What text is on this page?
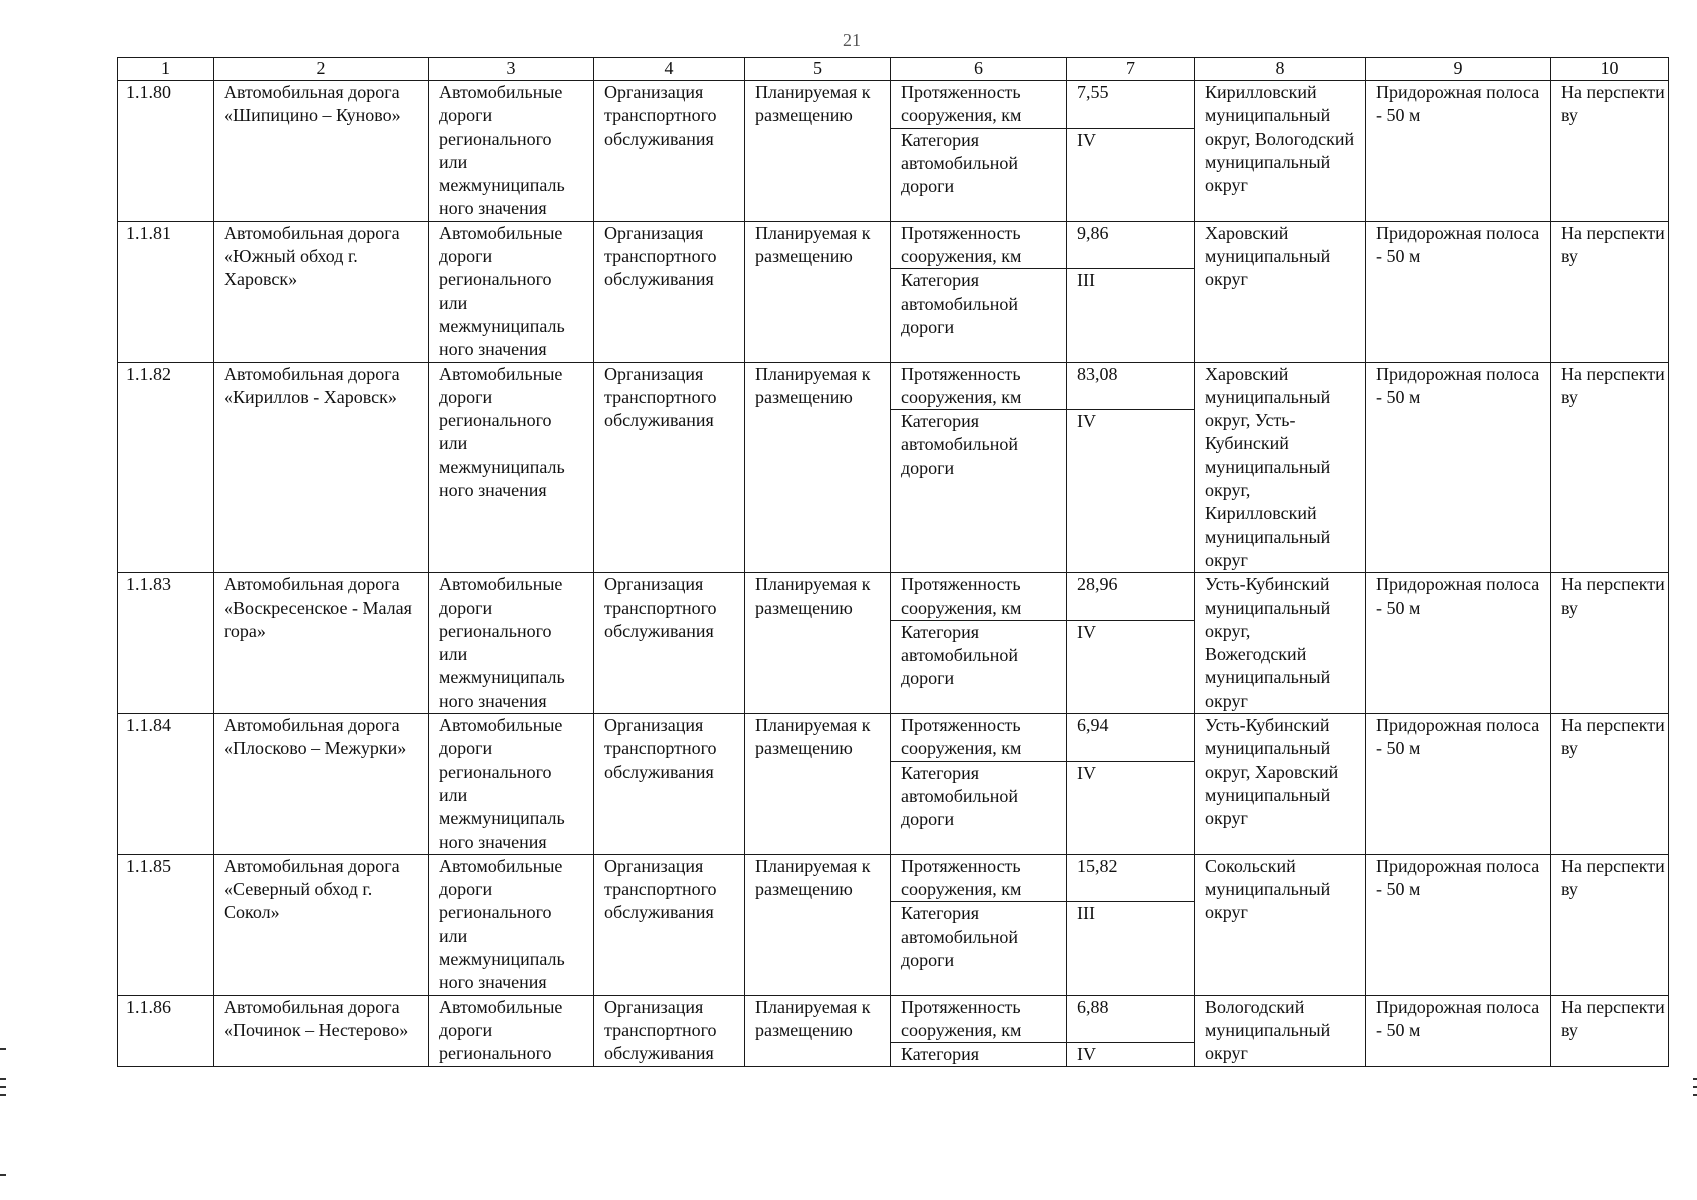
21
1	2	3	4	5	6	7	8	9	10
1.1.80	Автомобильная дорога «Шипицино – Куново»	Автомобильные дороги регионального или межмуниципаль ного значения	Организация транспортного обслуживания	Планируемая к размещению	Протяженность сооружения, км	7,55	Кирилловский муниципальный округ, Вологодский муниципальный округ	Придорожная полоса - 50 м	На перспекти ву
					Категория автомобильной дороги	IV			
1.1.81	Автомобильная дорога «Южный обход г. Харовск»	Автомобильные дороги регионального или межмуниципаль ного значения	Организация транспортного обслуживания	Планируемая к размещению	Протяженность сооружения, км	9,86	Харовский муниципальный округ	Придорожная полоса - 50 м	На перспекти ву
					Категория автомобильной дороги	III			
1.1.82	Автомобильная дорога «Кириллов - Харовск»	Автомобильные дороги регионального или межмуниципаль ного значения	Организация транспортного обслуживания	Планируемая к размещению	Протяженность сооружения, км	83,08	Харовский муниципальный округ, Усть-Кубинский муниципальный округ, Кирилловский муниципальный округ	Придорожная полоса - 50 м	На перспекти ву
					Категория автомобильной дороги	IV			
1.1.83	Автомобильная дорога «Воскресенское - Малая гора»	Автомобильные дороги регионального или межмуниципаль ного значения	Организация транспортного обслуживания	Планируемая к размещению	Протяженность сооружения, км	28,96	Усть-Кубинский муниципальный округ, Вожегодский муниципальный округ	Придорожная полоса - 50 м	На перспекти ву
					Категория автомобильной дороги	IV			
1.1.84	Автомобильная дорога «Плосково – Межурки»	Автомобильные дороги регионального или межмуниципаль ного значения	Организация транспортного обслуживания	Планируемая к размещению	Протяженность сооружения, км	6,94	Усть-Кубинский муниципальный округ, Харовский муниципальный округ	Придорожная полоса - 50 м	На перспекти ву
					Категория автомобильной дороги	IV			
1.1.85	Автомобильная дорога «Северный обход г. Сокол»	Автомобильные дороги регионального или межмуниципаль ного значения	Организация транспортного обслуживания	Планируемая к размещению	Протяженность сооружения, км	15,82	Сокольский муниципальный округ	Придорожная полоса - 50 м	На перспекти ву
					Категория автомобильной дороги	III			
1.1.86	Автомобильная дорога «Починок – Нестерово»	Автомобильные дороги регионального	Организация транспортного обслуживания	Планируемая к размещению	Протяженность сооружения, км	6,88	Вологодский муниципальный округ	Придорожная полоса - 50 м	На перспекти ву
					Категория	IV			
